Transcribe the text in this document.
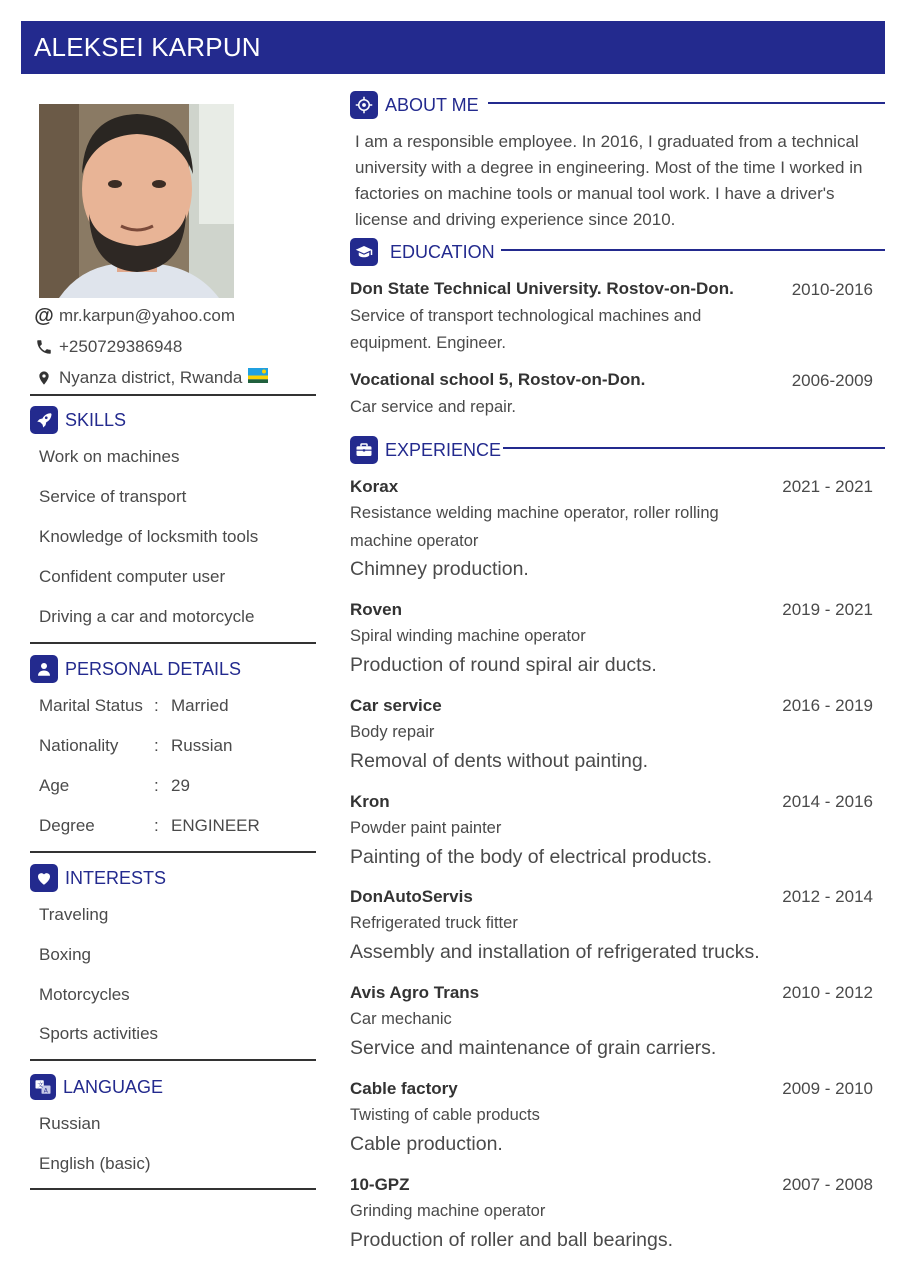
ALEKSEI KARPUN
@ mr.karpun@yahoo.com
+250729386948
Nyanza district, Rwanda
SKILLS
Work on machines
Service of transport
Knowledge of locksmith tools
Confident computer user
Driving a car and motorcycle
PERSONAL DETAILS
Marital Status : Married
Nationality : Russian
Age	: 29
Degree	: ENGINEER
INTERESTS
Traveling
Boxing
Motorcycles
Sports activities
文
A LANGUAGE
Russian
English (basic)
ABOUT ME

I am a responsible employee. In 2016, I graduated from a technical university with a degree in engineering. Most of the time I worked in factories on machine tools or manual tool work. I have a driver's license and driving experience since 2010.

EDUCATION
Don State Technical University. Rostov-on-Don.	2010-2016
Service of transport technological machines and
equipment. Engineer.
Vocational school 5, Rostov-on-Don.	2006-2009
Car service and repair.
EXPERIENCE
Korax	2021 - 2021
Resistance welding machine operator, roller rolling
machine operator
Chimney production.
Roven	2019 - 2021
Spiral winding machine operator
Production of round spiral air ducts.
Car service	2016 - 2019
Body repair
Removal of dents without painting.
Kron	2014 - 2016
Powder paint painter
Painting of the body of electrical products.
DonAutoServis	2012 - 2014
Refrigerated truck fitter
Assembly and installation of refrigerated trucks.
Avis Agro Trans	2010 - 2012
Car mechanic
Service and maintenance of grain carriers.
Cable factory	2009 - 2010
Twisting of cable products
Cable production.
10-GPZ	2007 - 2008
Grinding machine operator
Production of roller and ball bearings.
